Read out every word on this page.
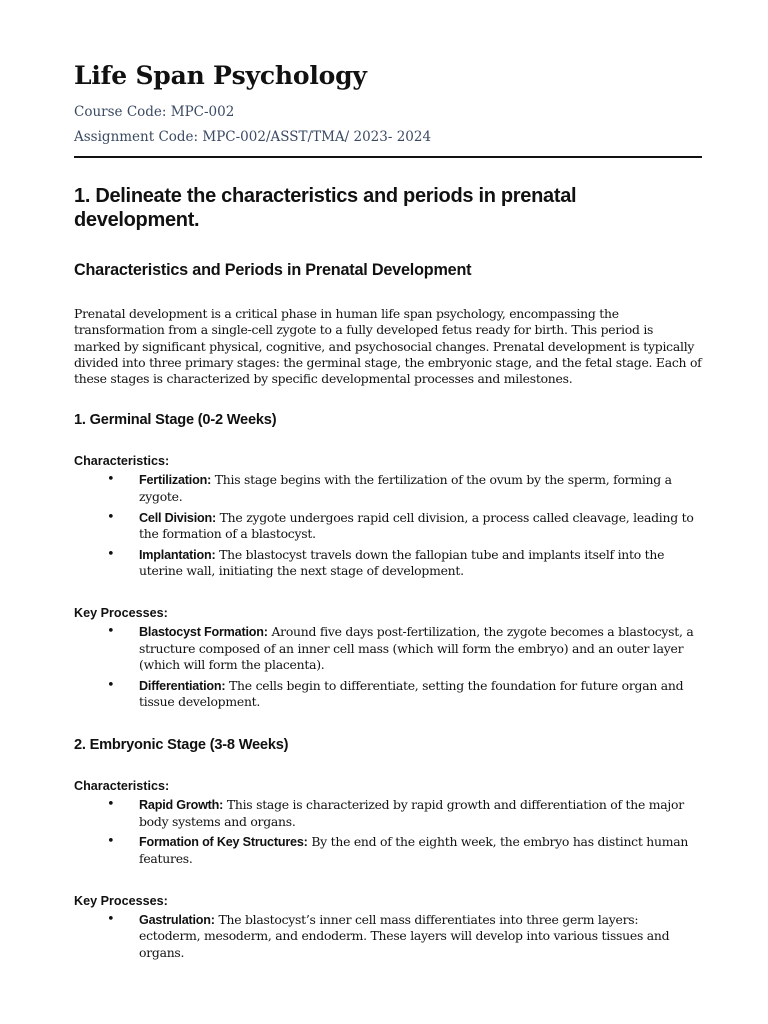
Life Span Psychology

Course Code: MPC-002

Assignment Code: MPC-002/ASST/TMA/ 2023- 2024

1. Delineate the characteristics and periods in prenatal development.
Characteristics and Periods in Prenatal Development

Prenatal development is a critical phase in human life span psychology, encompassing the transformation from a single-cell zygote to a fully developed fetus ready for birth. This period is marked by significant physical, cognitive, and psychosocial changes. Prenatal development is typically divided into three primary stages: the germinal stage, the embryonic stage, and the fetal stage. Each of these stages is characterized by specific developmental processes and milestones.

1. Germinal Stage (0-2 Weeks)

Characteristics:

• Fertilization: This stage begins with the fertilization of the ovum by the sperm, forming a zygote.
• Cell Division: The zygote undergoes rapid cell division, a process called cleavage, leading to the formation of a blastocyst.
• Implantation: The blastocyst travels down the fallopian tube and implants itself into the uterine wall, initiating the next stage of development.

Key Processes:

• Blastocyst Formation: Around five days post-fertilization, the zygote becomes a blastocyst, a structure composed of an inner cell mass (which will form the embryo) and an outer layer (which will form the placenta).
• Differentiation: The cells begin to differentiate, setting the foundation for future organ and tissue development.
2. Embryonic Stage (3-8 Weeks)

Characteristics:

• Rapid Growth: This stage is characterized by rapid growth and differentiation of the major body systems and organs.
• Formation of Key Structures: By the end of the eighth week, the embryo has distinct human features.

Key Processes:

• Gastrulation: The blastocyst’s inner cell mass differentiates into three germ layers: ectoderm, mesoderm, and endoderm. These layers will develop into various tissues and organs.
